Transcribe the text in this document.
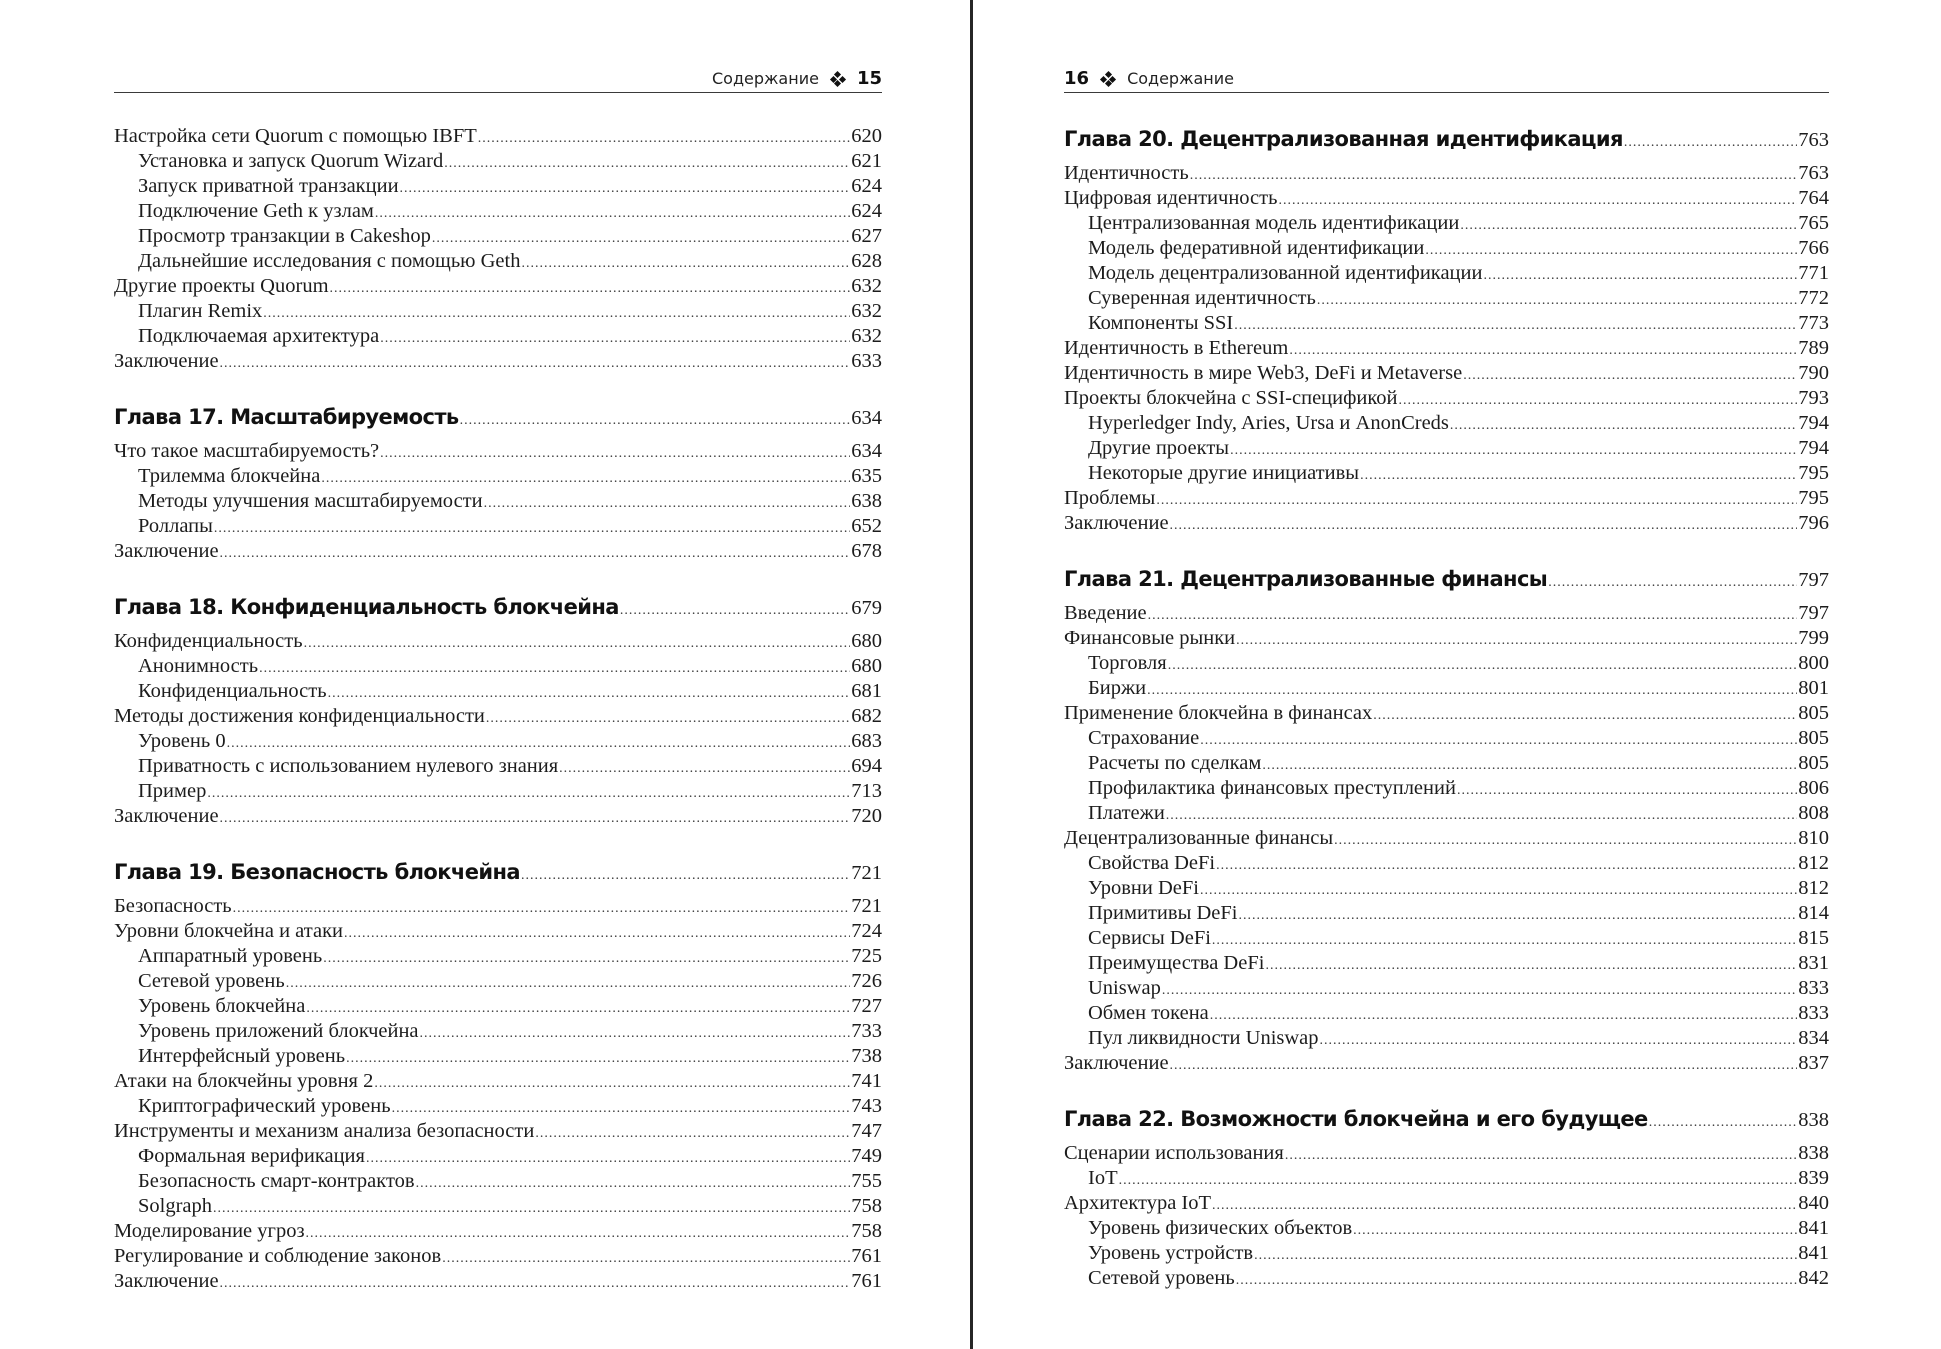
Содержание 15
Настройка сети Quorum с помощью IBFT .....	620
Установка и запуск Quorum Wizard .....	621
Запуск приватной транзакции .....	624
Подключение Geth к узлам .....	624
Просмотр транзакции в Cakeshop .....	627
Дальнейшие исследования с помощью Geth .....	628
Другие проекты Quorum .....	632
Плагин Remix .....	632
Подключаемая архитектура .....	632
Заключение .....	633
Глава 17. Масштабируемость .....	634
Что такое масштабируемость? .....	634
Трилемма блокчейна .....	635
Методы улучшения масштабируемости .....	638
Роллапы .....	652
Заключение .....	678
Глава 18. Конфиденциальность блокчейна .....	679
Конфиденциальность .....	680
Анонимность .....	680
Конфиденциальность .....	681
Методы достижения конфиденциальности .....	682
Уровень 0 .....	683
Приватность с использованием нулевого знания .....	694
Пример .....	713
Заключение .....	720
Глава 19. Безопасность блокчейна .....	721
Безопасность .....	721
Уровни блокчейна и атаки .....	724
Аппаратный уровень .....	725
Сетевой уровень .....	726
Уровень блокчейна .....	727
Уровень приложений блокчейна .....	733
Интерфейсный уровень .....	738
Атаки на блокчейны уровня 2 .....	741
Криптографический уровень .....	743
Инструменты и механизм анализа безопасности .....	747
Формальная верификация .....	749
Безопасность смарт-контрактов .....	755
Solgraph .....	758
Моделирование угроз .....	758
Регулирование и соблюдение законов .....	761
Заключение .....	761
16 Содержание
Глава 20. Децентрализованная идентификация .....	763
Идентичность .....	763
Цифровая идентичность .....	764
Централизованная модель идентификации .....	765
Модель федеративной идентификации .....	766
Модель децентрализованной идентификации .....	771
Суверенная идентичность .....	772
Компоненты SSI .....	773
Идентичность в Ethereum .....	789
Идентичность в мире Web3, DeFi и Metaverse .....	790
Проекты блокчейна с SSI-спецификой .....	793
Hyperledger Indy, Aries, Ursa и AnonCreds .....	794
Другие проекты .....	794
Некоторые другие инициативы .....	795
Проблемы .....	795
Заключение .....	796
Глава 21. Децентрализованные финансы .....	797
Введение .....	797
Финансовые рынки .....	799
Торговля .....	800
Биржи .....	801
Применение блокчейна в финансах .....	805
Страхование .....	805
Расчеты по сделкам .....	805
Профилактика финансовых преступлений .....	806
Платежи .....	808
Децентрализованные финансы .....	810
Свойства DeFi .....	812
Уровни DeFi .....	812
Примитивы DeFi .....	814
Сервисы DeFi .....	815
Преимущества DeFi .....	831
Uniswap .....	833
Обмен токена .....	833
Пул ликвидности Uniswap .....	834
Заключение .....	837
Глава 22. Возможности блокчейна и его будущее .....	838
Сценарии использования .....	838
IoT .....	839
Архитектура IoT .....	840
Уровень физических объектов .....	841
Уровень устройств .....	841
Сетевой уровень .....	842
